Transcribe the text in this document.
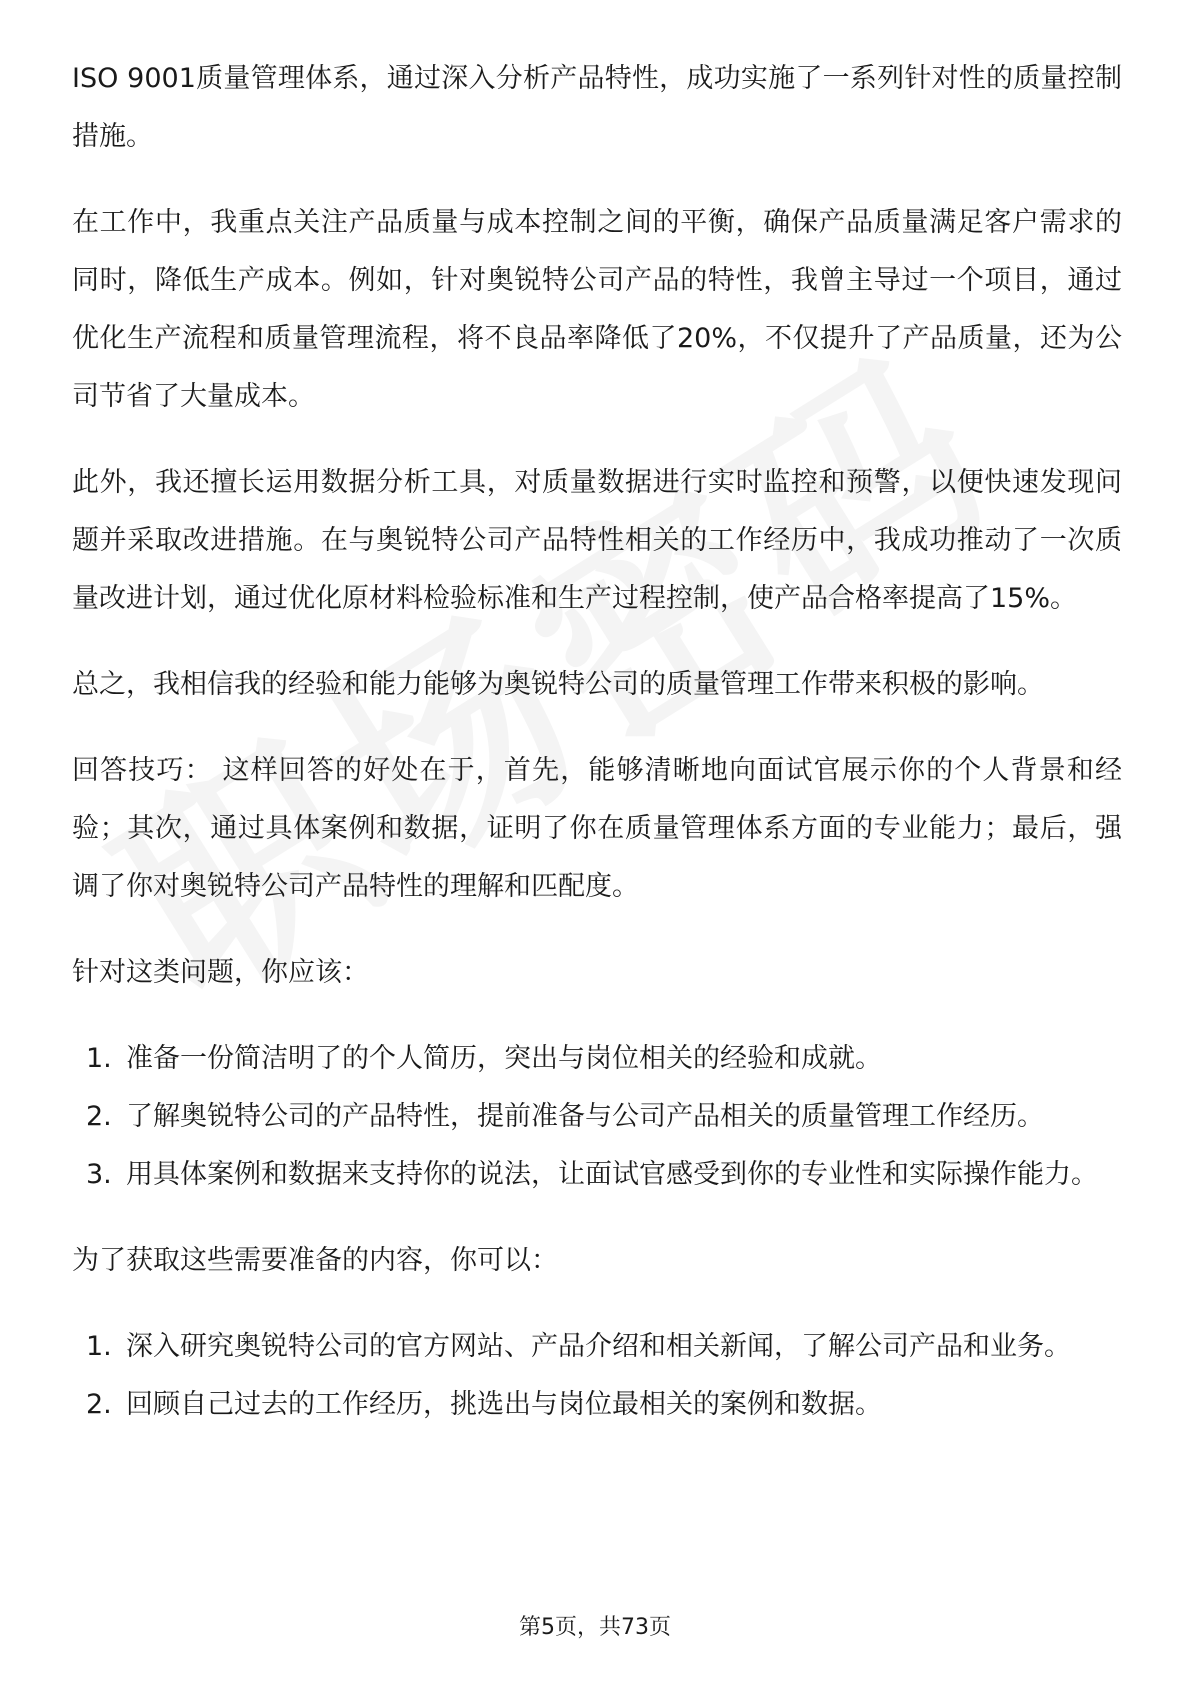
ISO 9001质量管理体系，通过深入分析产品特性，成功实施了一系列针对性的质量控制措施。

在工作中，我重点关注产品质量与成本控制之间的平衡，确保产品质量满足客户需求的同时，降低生产成本。例如，针对奥锐特公司产品的特性，我曾主导过一个项目，通过优化生产流程和质量管理流程，将不良品率降低了20%，不仅提升了产品质量，还为公司节省了大量成本。

此外，我还擅长运用数据分析工具，对质量数据进行实时监控和预警，以便快速发现问题并采取改进措施。在与奥锐特公司产品特性相关的工作经历中，我成功推动了一次质量改进计划，通过优化原材料检验标准和生产过程控制，使产品合格率提高了15%。

总之，我相信我的经验和能力能够为奥锐特公司的质量管理工作带来积极的影响。

回答技巧： 这样回答的好处在于，首先，能够清晰地向面试官展示你的个人背景和经验；其次，通过具体案例和数据，证明了你在质量管理体系方面的专业能力；最后，强调了你对奥锐特公司产品特性的理解和匹配度。

针对这类问题，你应该：

1. 准备一份简洁明了的个人简历，突出与岗位相关的经验和成就。
2. 了解奥锐特公司的产品特性，提前准备与公司产品相关的质量管理工作经历。
3. 用具体案例和数据来支持你的说法，让面试官感受到你的专业性和实际操作能力。

为了获取这些需要准备的内容，你可以：

1. 深入研究奥锐特公司的官方网站、产品介绍和相关新闻，了解公司产品和业务。
2. 回顾自己过去的工作经历，挑选出与岗位最相关的案例和数据。
第5页，共73页
